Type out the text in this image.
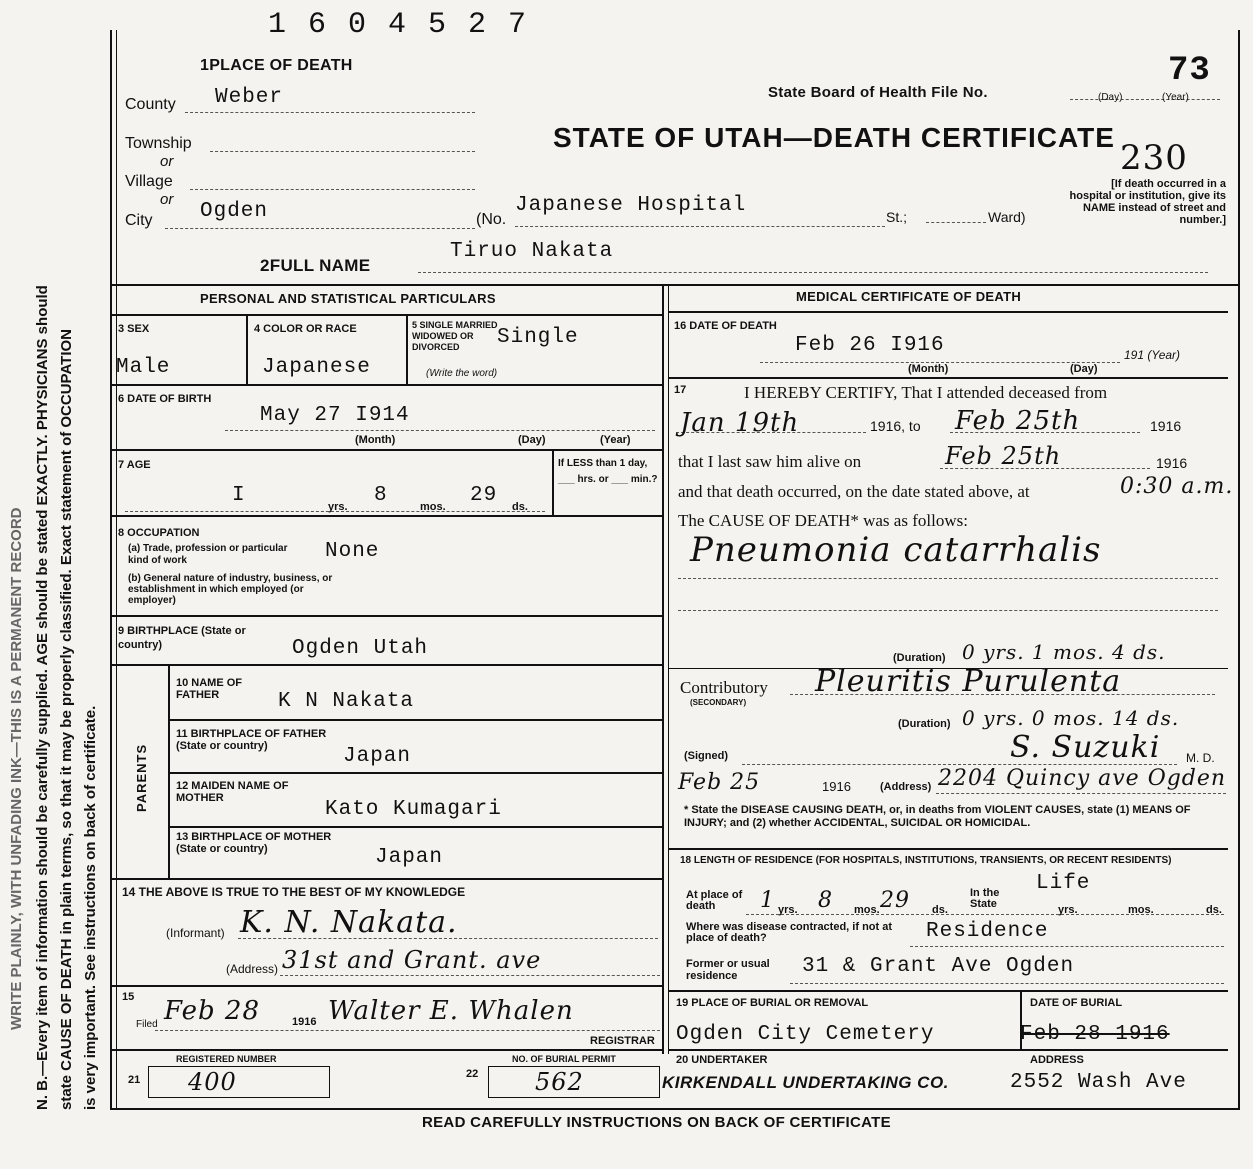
WRITE PLAINLY, WITH UNFADING INK—THIS IS A PERMANENT RECORD N. B.—Every item of information should be carefully supplied. AGE should be stated EXACTLY. PHYSICIANS should state CAUSE OF DEATH in plain terms, so that it may be properly classified. Exact statement of OCCUPATION is very important. See instructions on back of certificate.
1 6 0 4 5 2 7
1PLACE OF DEATH
State Board of Health File No.
73
(Day)	(Year)
STATE OF UTAH—DEATH CERTIFICATE
230
[If death occurred in a hospital or institution, give its NAME instead of street and number.]
County Weber
Township
or
Village
or
City Ogden	(No.
Japanese Hospital	St.;	Ward)
2FULL NAME
Tiruo Nakata
PERSONAL AND STATISTICAL PARTICULARS	MEDICAL CERTIFICATE OF DEATH
3 SEX
Male
4 COLOR OR RACE
Japanese
5 SINGLE MARRIED WIDOWED OR DIVORCED
(Write the word)
Single
6 DATE OF BIRTH
May 27 I914
(Month)	(Day)	(Year)
7 AGE
I	yrs. 8	mos. 29 ds.
If LESS than 1 day, ___ hrs. or ___ min.?
8 OCCUPATION
(a) Trade, profession or particular kind of work	None
(b) General nature of industry, business, or establishment in which employed (or employer)
9 BIRTHPLACE (State or country)	Ogden Utah
PARENTS
10 NAME OF FATHER	K N Nakata
11 BIRTHPLACE OF FATHER (State or country)	Japan
12 MAIDEN NAME OF MOTHER	Kato Kumagari
13 BIRTHPLACE OF MOTHER (State or country)	Japan
14 THE ABOVE IS TRUE TO THE BEST OF MY KNOWLEDGE
(Informant) K. N. Nakata.
(Address) 31st and Grant. ave
15
Filed Feb 28	1916 Walter E. Whalen
REGISTRAR
REGISTERED NUMBER
21 400
NO. OF BURIAL PERMIT
22 562
16 DATE OF DEATH
Feb 26 I916
(Month)	(Day)
191 (Year)
17	I HEREBY CERTIFY, That I attended deceased from
Jan 19th	1916, to Feb 25th	1916
that I last saw him alive on	Feb 25th	1916
and that death occurred, on the date stated above, at	0:30 a.m.
The CAUSE OF DEATH* was as follows:
Pneumonia catarrhalis
(Duration) 0 yrs. 1 mos. 4 ds.
Contributory
(SECONDARY)
Pleuritis Purulenta
(Duration) 0 yrs. 0 mos. 14 ds.
(Signed)	S. Suzuki M. D.
Feb 25	1916	(Address) 2204 Quincy ave Ogden
* State the DISEASE CAUSING DEATH, or, in deaths from VIOLENT CAUSES, state (1) MEANS OF INJURY; and (2) whether ACCIDENTAL, SUICIDAL OR HOMICIDAL.
18 LENGTH OF RESIDENCE (FOR HOSPITALS, INSTITUTIONS, TRANSIENTS, OR RECENT RESIDENTS)
At place of death	1 yrs. 8 mos. 29 ds.
In the State
Life
yrs.	mos.	ds.
Where was disease contracted, if not at place of death?	Residence
Former or usual residence	31 & Grant Ave Ogden
19 PLACE OF BURIAL OR REMOVAL	DATE OF BURIAL
Ogden City Cemetery	Feb 28 1916
20 UNDERTAKER	ADDRESS
KIRKENDALL UNDERTAKING CO.	2552 Wash Ave
READ CAREFULLY INSTRUCTIONS ON BACK OF CERTIFICATE
